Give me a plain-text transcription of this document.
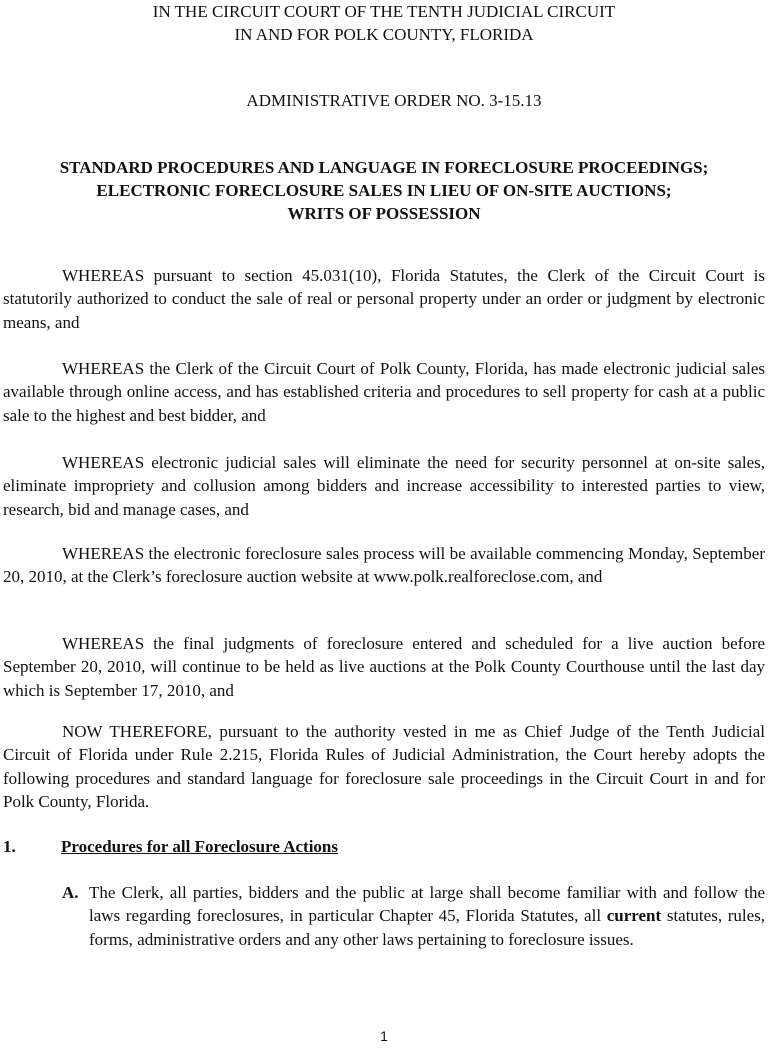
IN THE CIRCUIT COURT OF THE TENTH JUDICIAL CIRCUIT
IN AND FOR POLK COUNTY, FLORIDA

ADMINISTRATIVE ORDER NO. 3-15.13

STANDARD PROCEDURES AND LANGUAGE IN FORECLOSURE PROCEEDINGS;
ELECTRONIC FORECLOSURE SALES IN LIEU OF ON-SITE AUCTIONS;
WRITS OF POSSESSION

WHEREAS pursuant to section 45.031(10), Florida Statutes, the Clerk of the Circuit Court is statutorily authorized to conduct the sale of real or personal property under an order or judgment by electronic means, and

WHEREAS the Clerk of the Circuit Court of Polk County, Florida, has made electronic judicial sales available through online access, and has established criteria and procedures to sell property for cash at a public sale to the highest and best bidder, and

WHEREAS electronic judicial sales will eliminate the need for security personnel at on-site sales, eliminate impropriety and collusion among bidders and increase accessibility to interested parties to view, research, bid and manage cases, and

WHEREAS the electronic foreclosure sales process will be available commencing Monday, September 20, 2010, at the Clerk’s foreclosure auction website at www.polk.realforeclose.com, and

WHEREAS the final judgments of foreclosure entered and scheduled for a live auction before September 20, 2010, will continue to be held as live auctions at the Polk County Courthouse until the last day which is September 17, 2010, and

NOW THEREFORE, pursuant to the authority vested in me as Chief Judge of the Tenth Judicial Circuit of Florida under Rule 2.215, Florida Rules of Judicial Administration, the Court hereby adopts the following procedures and standard language for foreclosure sale proceedings in the Circuit Court in and for Polk County, Florida.

1.	Procedures for all Foreclosure Actions

A. The Clerk, all parties, bidders and the public at large shall become familiar with and follow the laws regarding foreclosures, in particular Chapter 45, Florida Statutes, all current statutes, rules, forms, administrative orders and any other laws pertaining to foreclosure issues.

1
